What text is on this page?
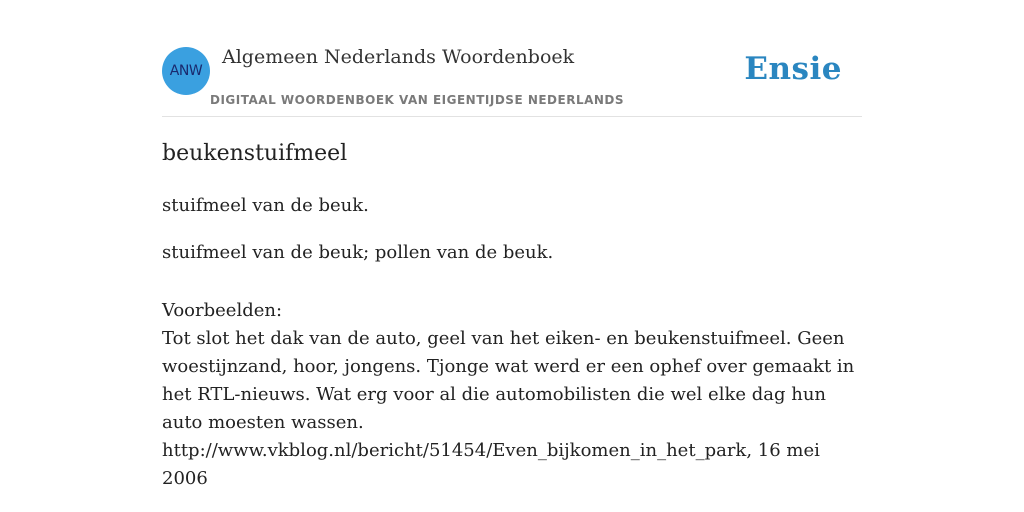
ANW
Algemeen Nederlands Woordenboek
DIGITAAL WOORDENBOEK VAN EIGENTIJDSE NEDERLANDS
Ensie
beukenstuifmeel
stuifmeel van de beuk.
stuifmeel van de beuk; pollen van de beuk.
Voorbeelden:
Tot slot het dak van de auto, geel van het eiken- en beukenstuifmeel. Geen woestijnzand, hoor, jongens. Tjonge wat werd er een ophef over gemaakt in het RTL-nieuws. Wat erg voor al die automobilisten die wel elke dag hun auto moesten wassen.
http://www.vkblog.nl/bericht/51454/Even_bijkomen_in_het_park, 16 mei 2006
